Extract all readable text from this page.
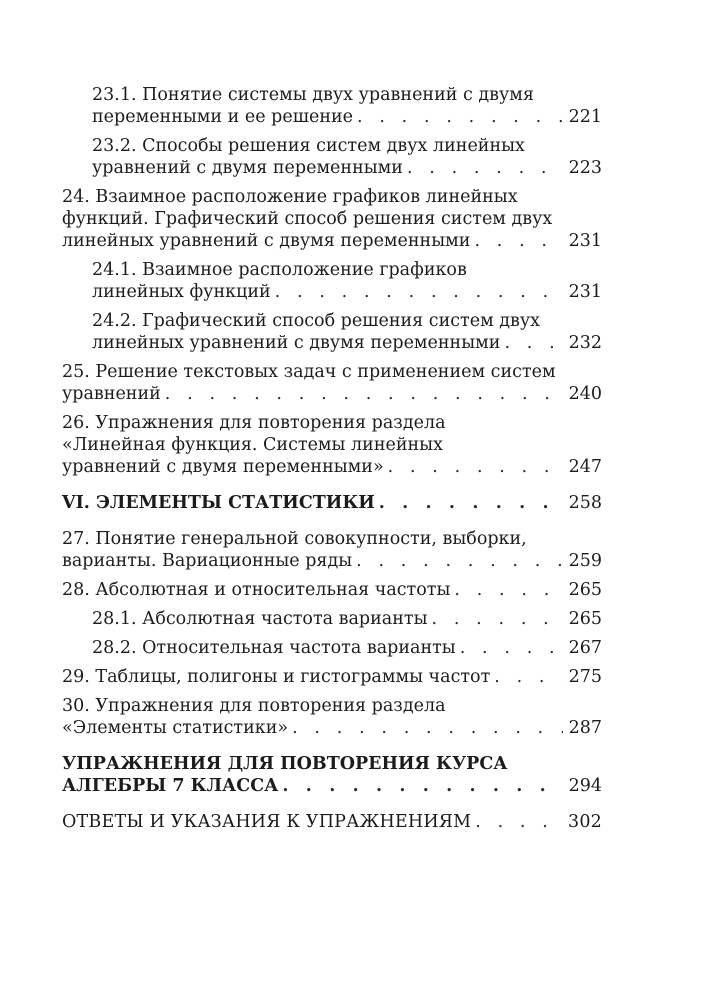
23.1. Понятие системы двух уравнений с двумя
переменными и ее решение . . .	221
23.2. Способы решения систем двух линейных
уравнений с двумя переменными . . .	223
24. Взаимное расположение графиков линейных
функций. Графический способ решения систем двух
линейных уравнений с двумя переменными . . .	231
24.1. Взаимное расположение графиков
линейных функций . . .	231
24.2. Графический способ решения систем двух
линейных уравнений с двумя переменными . . .	232
25. Решение текстовых задач с применением систем
уравнений . . .	240
26. Упражнения для повторения раздела
«Линейная функция. Системы линейных
уравнений с двумя переменными» . . .	247
VI. ЭЛЕМЕНТЫ СТАТИСТИКИ . . .	258
27. Понятие генеральной совокупности, выборки,
варианты. Вариационные ряды . . .	259
28. Абсолютная и относительная частоты . . .	265
28.1. Абсолютная частота варианты . . .	265
28.2. Относительная частота варианты . . .	267
29. Таблицы, полигоны и гистограммы частот . . .	275
30. Упражнения для повторения раздела
«Элементы статистики» . . .	287
УПРАЖНЕНИЯ ДЛЯ ПОВТОРЕНИЯ КУРСА
АЛГЕБРЫ 7 КЛАССА . . .	294
ОТВЕТЫ И УКАЗАНИЯ К УПРАЖНЕНИЯМ . . .	302
